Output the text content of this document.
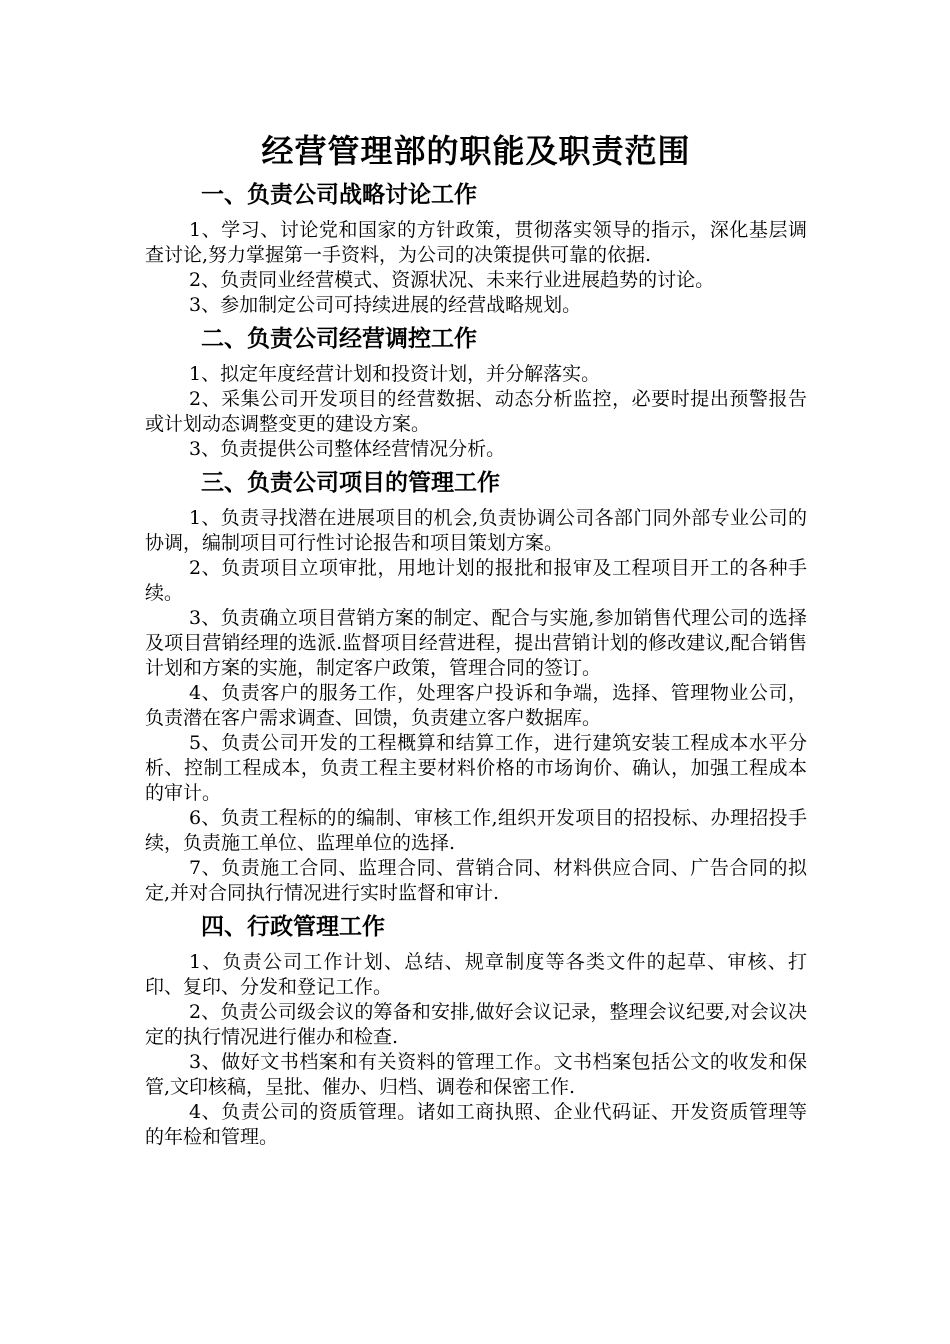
经营管理部的职能及职责范围
一、负责公司战略讨论工作

1、学习、讨论党和国家的方针政策，贯彻落实领导的指示，深化基层调查讨论,努力掌握第一手资料，为公司的决策提供可靠的依据.

2、负责同业经营模式、资源状况、未来行业进展趋势的讨论。

3、参加制定公司可持续进展的经营战略规划。

二、负责公司经营调控工作

1、拟定年度经营计划和投资计划，并分解落实。

2、采集公司开发项目的经营数据、动态分析监控，必要时提出预警报告或计划动态调整变更的建设方案。

3、负责提供公司整体经营情况分析。

三、负责公司项目的管理工作

1、负责寻找潜在进展项目的机会,负责协调公司各部门同外部专业公司的协调，编制项目可行性讨论报告和项目策划方案。

2、负责项目立项审批，用地计划的报批和报审及工程项目开工的各种手续。

3、负责确立项目营销方案的制定、配合与实施,参加销售代理公司的选择及项目营销经理的选派.监督项目经营进程，提出营销计划的修改建议,配合销售计划和方案的实施，制定客户政策，管理合同的签订。

4、负责客户的服务工作，处理客户投诉和争端，选择、管理物业公司，负责潜在客户需求调查、回馈，负责建立客户数据库。

5、负责公司开发的工程概算和结算工作，进行建筑安装工程成本水平分析、控制工程成本，负责工程主要材料价格的市场询价、确认，加强工程成本的审计。

6、负责工程标的的编制、审核工作,组织开发项目的招投标、办理招投手续，负责施工单位、监理单位的选择.

7、负责施工合同、监理合同、营销合同、材料供应合同、广告合同的拟定,并对合同执行情况进行实时监督和审计.

四、行政管理工作

1、负责公司工作计划、总结、规章制度等各类文件的起草、审核、打印、复印、分发和登记工作。

2、负责公司级会议的筹备和安排,做好会议记录，整理会议纪要,对会议决定的执行情况进行催办和检查.

3、做好文书档案和有关资料的管理工作。文书档案包括公文的收发和保管,文印核稿，呈批、催办、归档、调卷和保密工作.

4、负责公司的资质管理。诸如工商执照、企业代码证、开发资质管理等的年检和管理。
